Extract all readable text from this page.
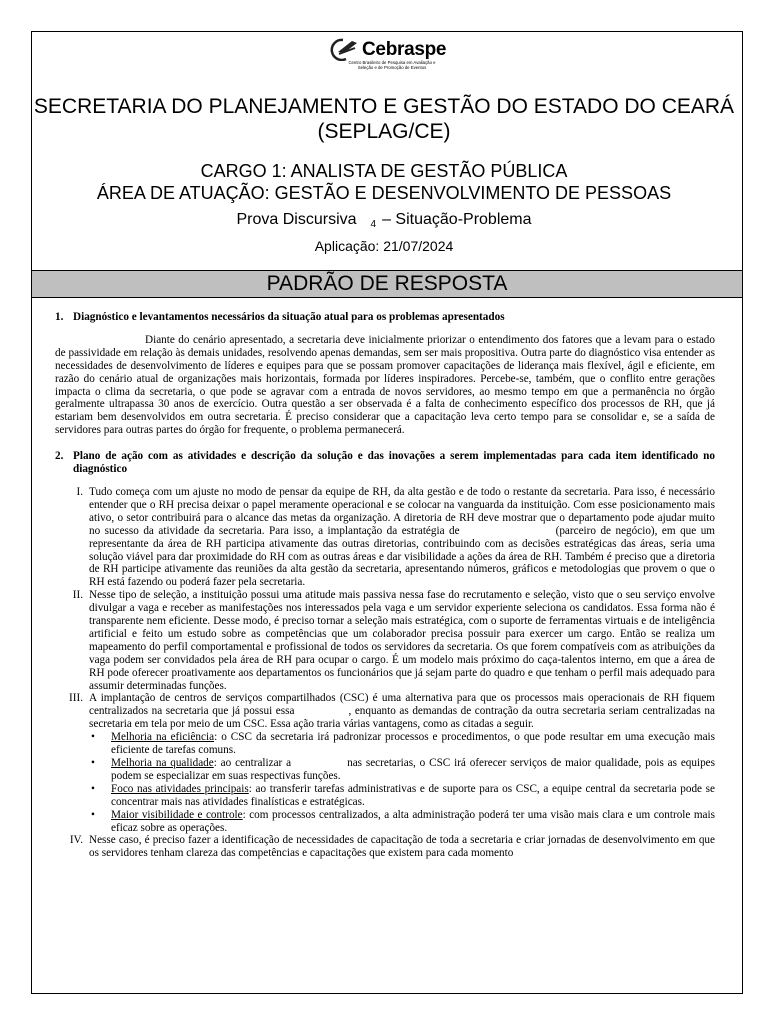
Cebraspe
Centro Brasileiro de Pesquisa em Avaliação e Seleção e de Promoção de Eventos
SECRETARIA DO PLANEJAMENTO E GESTÃO DO ESTADO DO CEARÁ (SEPLAG/CE)
CARGO 1: ANALISTA DE GESTÃO PÚBLICA
ÁREA DE ATUAÇÃO: GESTÃO E DESENVOLVIMENTO DE PESSOAS
Prova Discursiva 4 – Situação-Problema
Aplicação: 21/07/2024
PADRÃO DE RESPOSTA
1. Diagnóstico e levantamentos necessários da situação atual para os problemas apresentados
Diante do cenário apresentado, a secretaria deve inicialmente priorizar o entendimento dos fatores que a levam para o estado de passividade em relação às demais unidades, resolvendo apenas demandas, sem ser mais propositiva. Outra parte do diagnóstico visa entender as necessidades de desenvolvimento de líderes e equipes para que se possam promover capacitações de liderança mais flexível, ágil e eficiente, em razão do cenário atual de organizações mais horizontais, formada por líderes inspiradores. Percebe-se, também, que o conflito entre gerações impacta o clima da secretaria, o que pode se agravar com a entrada de novos servidores, ao mesmo tempo em que a permanência no órgão geralmente ultrapassa 30 anos de exercício. Outra questão a ser observada é a falta de conhecimento específico dos processos de RH, que já estariam bem desenvolvidos em outra secretaria. É preciso considerar que a capacitação leva certo tempo para se consolidar e, se a saída de servidores para outras partes do órgão for frequente, o problema permanecerá.
2. Plano de ação com as atividades e descrição da solução e das inovações a serem implementadas para cada item identificado no diagnóstico
I. Tudo começa com um ajuste no modo de pensar da equipe de RH, da alta gestão e de todo o restante da secretaria. Para isso, é necessário entender que o RH precisa deixar o papel meramente operacional e se colocar na vanguarda da instituição. Com esse posicionamento mais ativo, o setor contribuirá para o alcance das metas da organização. A diretoria de RH deve mostrar que o departamento pode ajudar muito no sucesso da atividade da secretaria. Para isso, a implantação da estratégia de	(parceiro de negócio), em que um representante da área de RH participa ativamente das outras diretorias, contribuindo com as decisões estratégicas das áreas, seria uma solução viável para dar proximidade do RH com as outras áreas e dar visibilidade a ações da área de RH. Também é preciso que a diretoria de RH participe ativamente das reuniões da alta gestão da secretaria, apresentando números, gráficos e metodologias que provem o que o RH está fazendo ou poderá fazer pela secretaria.
II. Nesse tipo de seleção, a instituição possui uma atitude mais passiva nessa fase do recrutamento e seleção, visto que o seu serviço envolve divulgar a vaga e receber as manifestações nos interessados pela vaga e um servidor experiente seleciona os candidatos. Essa forma não é transparente nem eficiente. Desse modo, é preciso tornar a seleção mais estratégica, com o suporte de ferramentas virtuais e de inteligência artificial e feito um estudo sobre as competências que um colaborador precisa possuir para exercer um cargo. Então se realiza um mapeamento do perfil comportamental e profissional de todos os servidores da secretaria. Os que forem compatíveis com as atribuições da vaga podem ser convidados pela área de RH para ocupar o cargo. É um modelo mais próximo do caça-talentos interno, em que a área de RH pode oferecer proativamente aos departamentos os funcionários que já sejam parte do quadro e que tenham o perfil mais adequado para assumir determinadas funções.
III. A implantação de centros de serviços compartilhados (CSC) é uma alternativa para que os processos mais operacionais de RH fiquem centralizados na secretaria que já possui essa	, enquanto as demandas de contração da outra secretaria seriam centralizadas na secretaria em tela por meio de um CSC. Essa ação traria várias vantagens, como as citadas a seguir.
•	Melhoria na eficiência: o CSC da secretaria irá padronizar processos e procedimentos, o que pode resultar em uma execução mais eficiente de tarefas comuns.
•	Melhoria na qualidade: ao centralizar a	nas secretarias, o CSC irá oferecer serviços de maior qualidade, pois as equipes podem se especializar em suas respectivas funções.
•	Foco nas atividades principais: ao transferir tarefas administrativas e de suporte para os CSC, a equipe central da secretaria pode se concentrar mais nas atividades finalísticas e estratégicas.
•	Maior visibilidade e controle: com processos centralizados, a alta administração poderá ter uma visão mais clara e um controle mais eficaz sobre as operações.
IV. Nesse caso, é preciso fazer a identificação de necessidades de capacitação de toda a secretaria e criar jornadas de desenvolvimento em que os servidores tenham clareza das competências e capacitações que existem para cada momento
